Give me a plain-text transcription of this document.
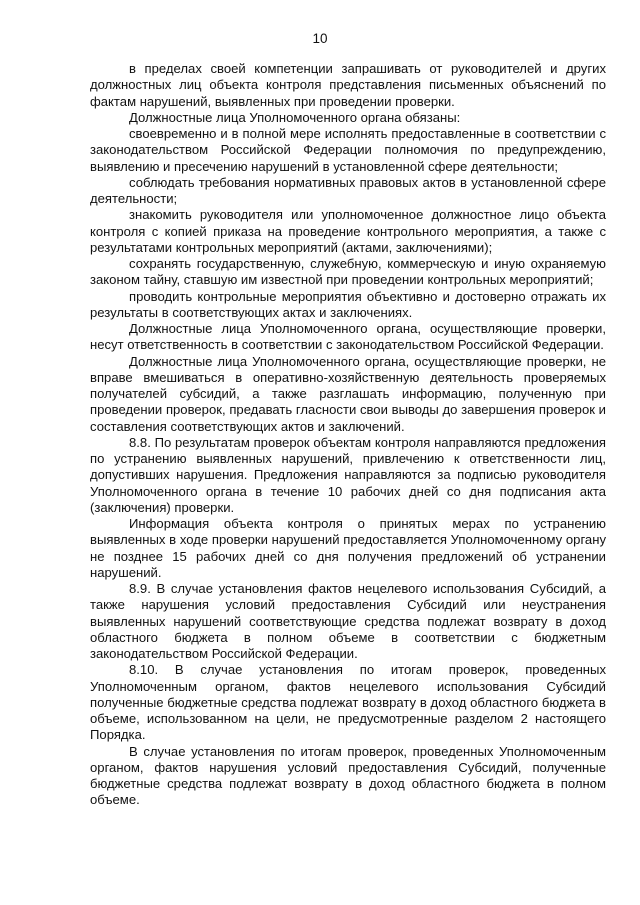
10

в пределах своей компетенции запрашивать от руководителей и других должностных лиц объекта контроля представления письменных объяснений по фактам нарушений, выявленных при проведении проверки.

Должностные лица Уполномоченного органа обязаны:

своевременно и в полной мере исполнять предоставленные в соответствии с законодательством Российской Федерации полномочия по предупреждению, выявлению и пресечению нарушений в установленной сфере деятельности;

соблюдать требования нормативных правовых актов в установленной сфере деятельности;

знакомить руководителя или уполномоченное должностное лицо объекта контроля с копией приказа на проведение контрольного мероприятия, а также с результатами контрольных мероприятий (актами, заключениями);

сохранять государственную, служебную, коммерческую и иную охраняемую законом тайну, ставшую им известной при проведении контрольных мероприятий;

проводить контрольные мероприятия объективно и достоверно отражать их результаты в соответствующих актах и заключениях.

Должностные лица Уполномоченного органа, осуществляющие проверки, несут ответственность в соответствии с законодательством Российской Федерации.

Должностные лица Уполномоченного органа, осуществляющие проверки, не вправе вмешиваться в оперативно-хозяйственную деятельность проверяемых получателей субсидий, а также разглашать информацию, полученную при проведении проверок, предавать гласности свои выводы до завершения проверок и составления соответствующих актов и заключений.

8.8. По результатам проверок объектам контроля направляются предложения по устранению выявленных нарушений, привлечению к ответственности лиц, допустивших нарушения. Предложения направляются за подписью руководителя Уполномоченного органа в течение 10 рабочих дней со дня подписания акта (заключения) проверки.

Информация объекта контроля о принятых мерах по устранению выявленных в ходе проверки нарушений предоставляется Уполномоченному органу не позднее 15 рабочих дней со дня получения предложений об устранении нарушений.

8.9. В случае установления фактов нецелевого использования Субсидий, а также нарушения условий предоставления Субсидий или неустранения выявленных нарушений соответствующие средства подлежат возврату в доход областного бюджета в полном объеме в соответствии с бюджетным законодательством Российской Федерации.

8.10. В случае установления по итогам проверок, проведенных Уполномоченным органом, фактов нецелевого использования Субсидий полученные бюджетные средства подлежат возврату в доход областного бюджета в объеме, использованном на цели, не предусмотренные разделом 2 настоящего Порядка.

В случае установления по итогам проверок, проведенных Уполномоченным органом, фактов нарушения условий предоставления Субсидий, полученные бюджетные средства подлежат возврату в доход областного бюджета в полном объеме.
